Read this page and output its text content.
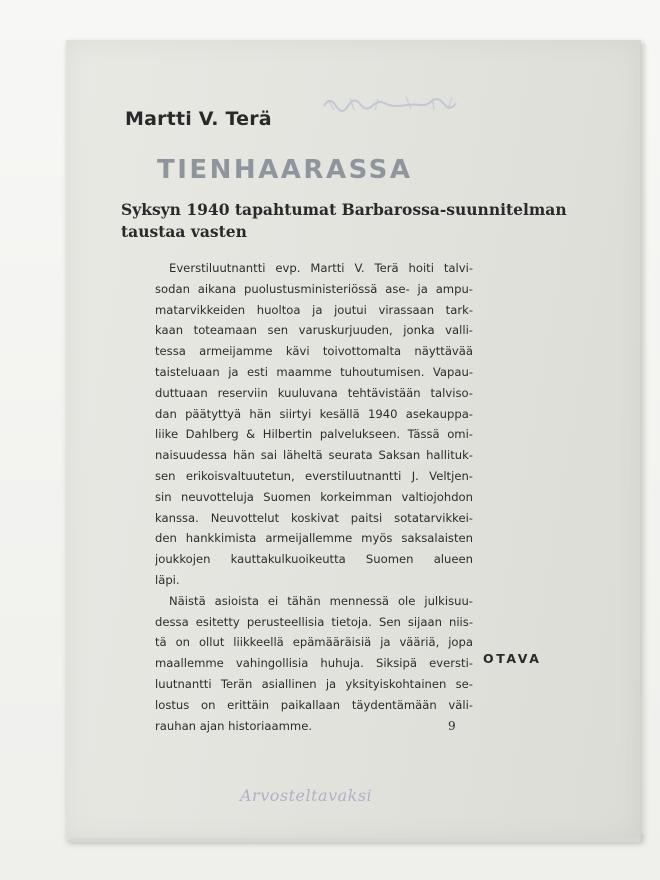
Martti V. Terä
TIENHAARASSA
Syksyn 1940 tapahtumat Barbarossa-suunnitelman
taustaa vasten
Everstiluutnantti evp. Martti V. Terä hoiti talvi-
sodan aikana puolustusministeriössä ase- ja ampu-
matarvikkeiden huoltoa ja joutui virassaan tark-
kaan toteamaan sen varuskurjuuden, jonka valli-
tessa armeijamme kävi toivottomalta näyttävää
taisteluaan ja esti maamme tuhoutumisen. Vapau-
duttuaan reserviin kuuluvana tehtävistään talviso-
dan päätyttyä hän siirtyi kesällä 1940 asekauppa-
liike Dahlberg & Hilbertin palvelukseen. Tässä omi-
naisuudessa hän sai läheltä seurata Saksan hallituk-
sen erikoisvaltuutetun, everstiluutnantti J. Veltjen-
sin neuvotteluja Suomen korkeimman valtiojohdon
kanssa. Neuvottelut koskivat paitsi sotatarvikkei-
den hankkimista armeijallemme myös saksalaisten
joukkojen kauttakulkuoikeutta Suomen alueen
läpi.
Näistä asioista ei tähän mennessä ole julkisuu-
dessa esitetty perusteellisia tietoja. Sen sijaan niis-
tä on ollut liikkeellä epämääräisiä ja vääriä, jopa
maallemme vahingollisia huhuja. Siksipä eversti-
luutnantti Terän asiallinen ja yksityiskohtainen se-
lostus on erittäin paikallaan täydentämään väli-
rauhan ajan historiaamme.
OTAVA
9
Arvosteltavaksi
